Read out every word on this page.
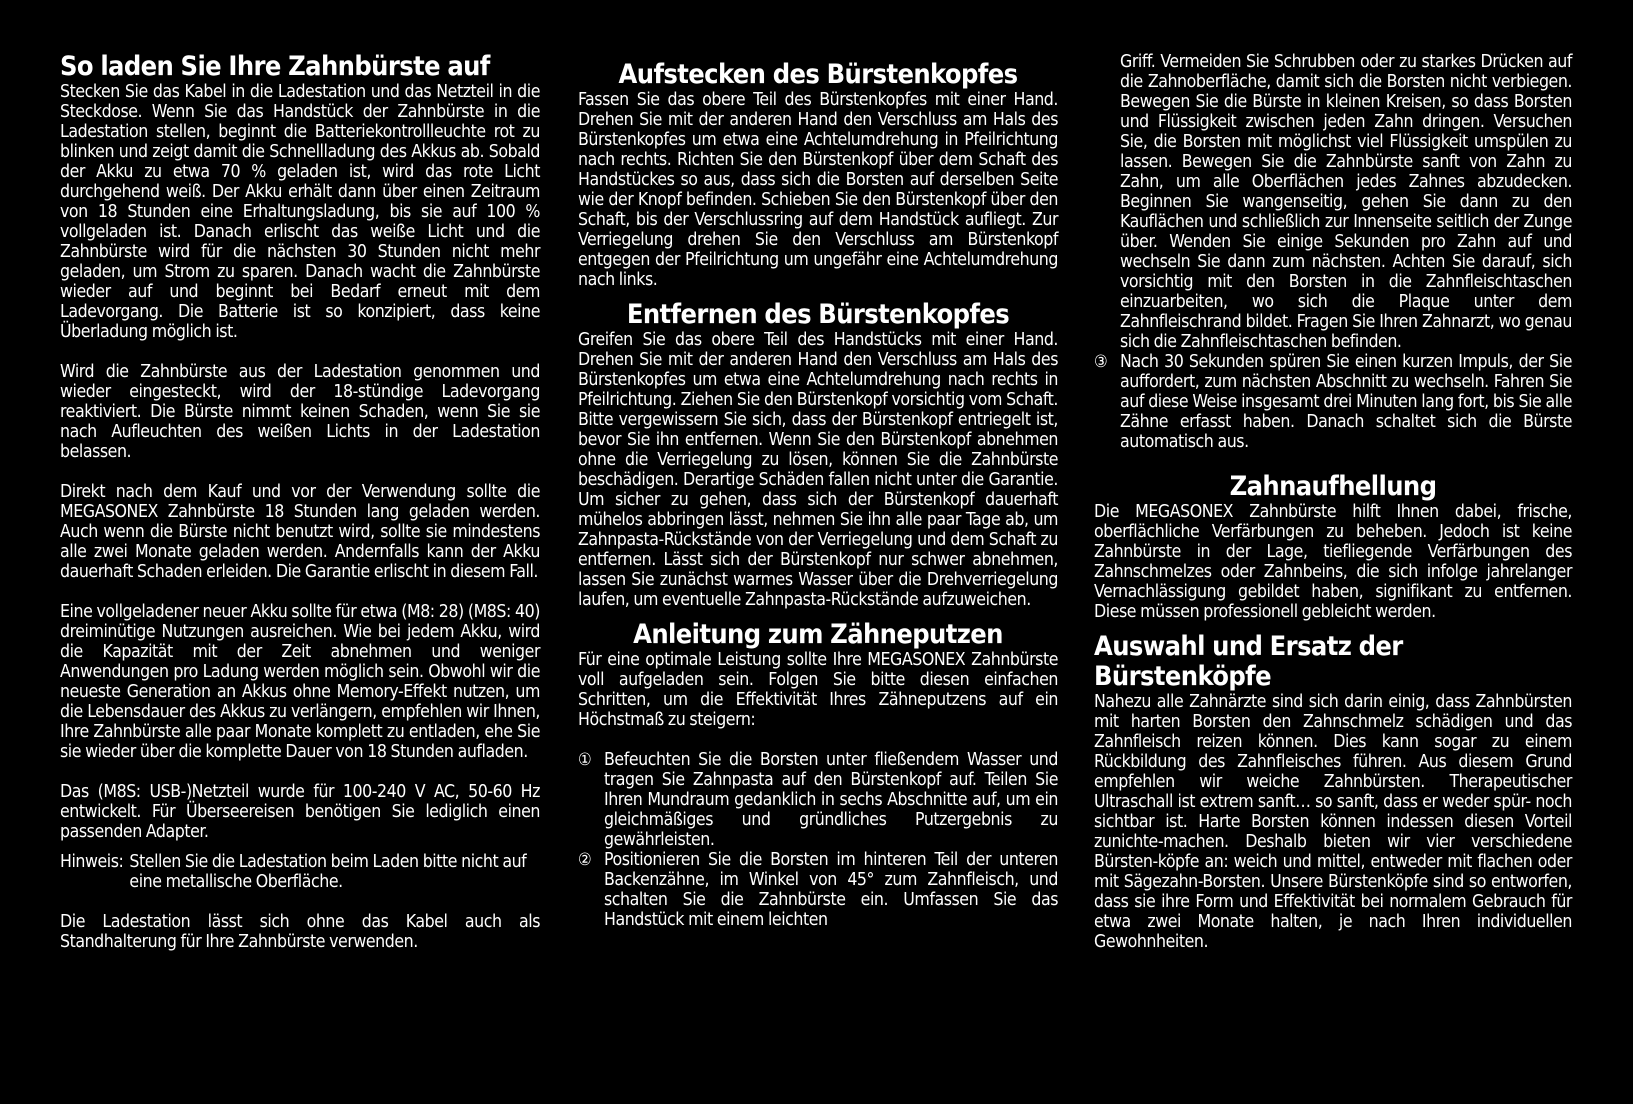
So laden Sie Ihre Zahnbürste auf

Stecken Sie das Kabel in die Ladestation und das Netzteil in die Steckdose. Wenn Sie das Handstück der Zahnbürste in die Ladestation stellen, beginnt die Batteriekontrollleuchte rot zu blinken und zeigt damit die Schnellladung des Akkus ab. Sobald der Akku zu etwa 70 % geladen ist, wird das rote Licht durchgehend weiß. Der Akku erhält dann über einen Zeitraum von 18 Stunden eine Erhaltungsladung, bis sie auf 100 % vollgeladen ist. Danach erlischt das weiße Licht und die Zahnbürste wird für die nächsten 30 Stunden nicht mehr geladen, um Strom zu sparen. Danach wacht die Zahnbürste wieder auf und beginnt bei Bedarf erneut mit dem Ladevorgang. Die Batterie ist so konzipiert, dass keine Überladung möglich ist.

Wird die Zahnbürste aus der Ladestation genommen und wieder eingesteckt, wird der 18-stündige Ladevorgang reaktiviert. Die Bürste nimmt keinen Schaden, wenn Sie sie nach Aufleuchten des weißen Lichts in der Ladestation belassen.

Direkt nach dem Kauf und vor der Verwendung sollte die MEGASONEX Zahnbürste 18 Stunden lang geladen werden. Auch wenn die Bürste nicht benutzt wird, sollte sie mindestens alle zwei Monate geladen werden. Andernfalls kann der Akku dauerhaft Schaden erleiden. Die Garantie erlischt in diesem Fall.

Eine vollgeladener neuer Akku sollte für etwa (M8: 28) (M8S: 40) dreiminütige Nutzungen ausreichen. Wie bei jedem Akku, wird die Kapazität mit der Zeit abnehmen und weniger Anwendungen pro Ladung werden möglich sein. Obwohl wir die neueste Generation an Akkus ohne Memory-Effekt nutzen, um die Lebensdauer des Akkus zu verlängern, empfehlen wir Ihnen, Ihre Zahnbürste alle paar Monate komplett zu entladen, ehe Sie sie wieder über die komplette Dauer von 18 Stunden aufladen.

Das (M8S: USB-)Netzteil wurde für 100-240 V AC, 50-60 Hz entwickelt. Für Überseereisen benötigen Sie lediglich einen passenden Adapter.

Hinweis: Stellen Sie die Ladestation beim Laden bitte nicht auf eine metallische Oberfläche.

Die Ladestation lässt sich ohne das Kabel auch als Standhalterung für Ihre Zahnbürste verwenden.

Aufstecken des Bürstenkopfes

Fassen Sie das obere Teil des Bürstenkopfes mit einer Hand. Drehen Sie mit der anderen Hand den Verschluss am Hals des Bürstenkopfes um etwa eine Achtelumdrehung in Pfeilrichtung nach rechts. Richten Sie den Bürstenkopf über dem Schaft des Handstückes so aus, dass sich die Borsten auf derselben Seite wie der Knopf befinden. Schieben Sie den Bürstenkopf über den Schaft, bis der Verschlussring auf dem Handstück aufliegt. Zur Verriegelung drehen Sie den Verschluss am Bürstenkopf entgegen der Pfeilrichtung um ungefähr eine Achtelumdrehung nach links.

Entfernen des Bürstenkopfes

Greifen Sie das obere Teil des Handstücks mit einer Hand. Drehen Sie mit der anderen Hand den Verschluss am Hals des Bürstenkopfes um etwa eine Achtelumdrehung nach rechts in Pfeilrichtung. Ziehen Sie den Bürstenkopf vorsichtig vom Schaft. Bitte vergewissern Sie sich, dass der Bürstenkopf entriegelt ist, bevor Sie ihn entfernen. Wenn Sie den Bürstenkopf abnehmen ohne die Verriegelung zu lösen, können Sie die Zahnbürste beschädigen. Derartige Schäden fallen nicht unter die Garantie. Um sicher zu gehen, dass sich der Bürstenkopf dauerhaft mühelos abbringen lässt, nehmen Sie ihn alle paar Tage ab, um Zahnpasta-Rückstände von der Verriegelung und dem Schaft zu entfernen. Lässt sich der Bürstenkopf nur schwer abnehmen, lassen Sie zunächst warmes Wasser über die Drehverriegelung laufen, um eventuelle Zahnpasta-Rückstände aufzuweichen.

Anleitung zum Zähneputzen

Für eine optimale Leistung sollte Ihre MEGASONEX Zahnbürste voll aufgeladen sein. Folgen Sie bitte diesen einfachen Schritten, um die Effektivität Ihres Zähneputzens auf ein Höchstmaß zu steigern:

① Befeuchten Sie die Borsten unter fließendem Wasser und tragen Sie Zahnpasta auf den Bürstenkopf auf. Teilen Sie Ihren Mundraum gedanklich in sechs Abschnitte auf, um ein gleichmäßiges und gründliches Putzergebnis zu gewährleisten.
② Positionieren Sie die Borsten im hinteren Teil der unteren Backenzähne, im Winkel von 45° zum Zahnfleisch, und schalten Sie die Zahnbürste ein. Umfassen Sie das Handstück mit einem leichten

Griff. Vermeiden Sie Schrubben oder zu starkes Drücken auf die Zahnoberfläche, damit sich die Borsten nicht verbiegen. Bewegen Sie die Bürste in kleinen Kreisen, so dass Borsten und Flüssigkeit zwischen jeden Zahn dringen. Versuchen Sie, die Borsten mit möglichst viel Flüssigkeit umspülen zu lassen. Bewegen Sie die Zahnbürste sanft von Zahn zu Zahn, um alle Oberflächen jedes Zahnes abzudecken. Beginnen Sie wangenseitig, gehen Sie dann zu den Kauflächen und schließlich zur Innenseite seitlich der Zunge über. Wenden Sie einige Sekunden pro Zahn auf und wechseln Sie dann zum nächsten. Achten Sie darauf, sich vorsichtig mit den Borsten in die Zahnfleischtaschen einzuarbeiten, wo sich die Plaque unter dem Zahnfleischrand bildet. Fragen Sie Ihren Zahnarzt, wo genau sich die Zahnfleischtaschen befinden.

③ Nach 30 Sekunden spüren Sie einen kurzen Impuls, der Sie auffordert, zum nächsten Abschnitt zu wechseln. Fahren Sie auf diese Weise insgesamt drei Minuten lang fort, bis Sie alle Zähne erfasst haben. Danach schaltet sich die Bürste automatisch aus.
Zahnaufhellung

Die MEGASONEX Zahnbürste hilft Ihnen dabei, frische, oberflächliche Verfärbungen zu beheben. Jedoch ist keine Zahnbürste in der Lage, tiefliegende Verfärbungen des Zahnschmelzes oder Zahnbeins, die sich infolge jahrelanger Vernachlässigung gebildet haben, signifikant zu entfernen. Diese müssen professionell gebleicht werden.

Auswahl und Ersatz der Bürstenköpfe

Nahezu alle Zahnärzte sind sich darin einig, dass Zahnbürsten mit harten Borsten den Zahnschmelz schädigen und das Zahnfleisch reizen können. Dies kann sogar zu einem Rückbildung des Zahnfleisches führen. Aus diesem Grund empfehlen wir weiche Zahnbürsten. Therapeutischer Ultraschall ist extrem sanft… so sanft, dass er weder spür- noch sichtbar ist. Harte Borsten können indessen diesen Vorteil zunichte-machen. Deshalb bieten wir vier verschiedene Bürsten-köpfe an: weich und mittel, entweder mit flachen oder mit Sägezahn-Borsten. Unsere Bürstenköpfe sind so entworfen, dass sie ihre Form und Effektivität bei normalem Gebrauch für etwa zwei Monate halten, je nach Ihren individuellen Gewohnheiten.
